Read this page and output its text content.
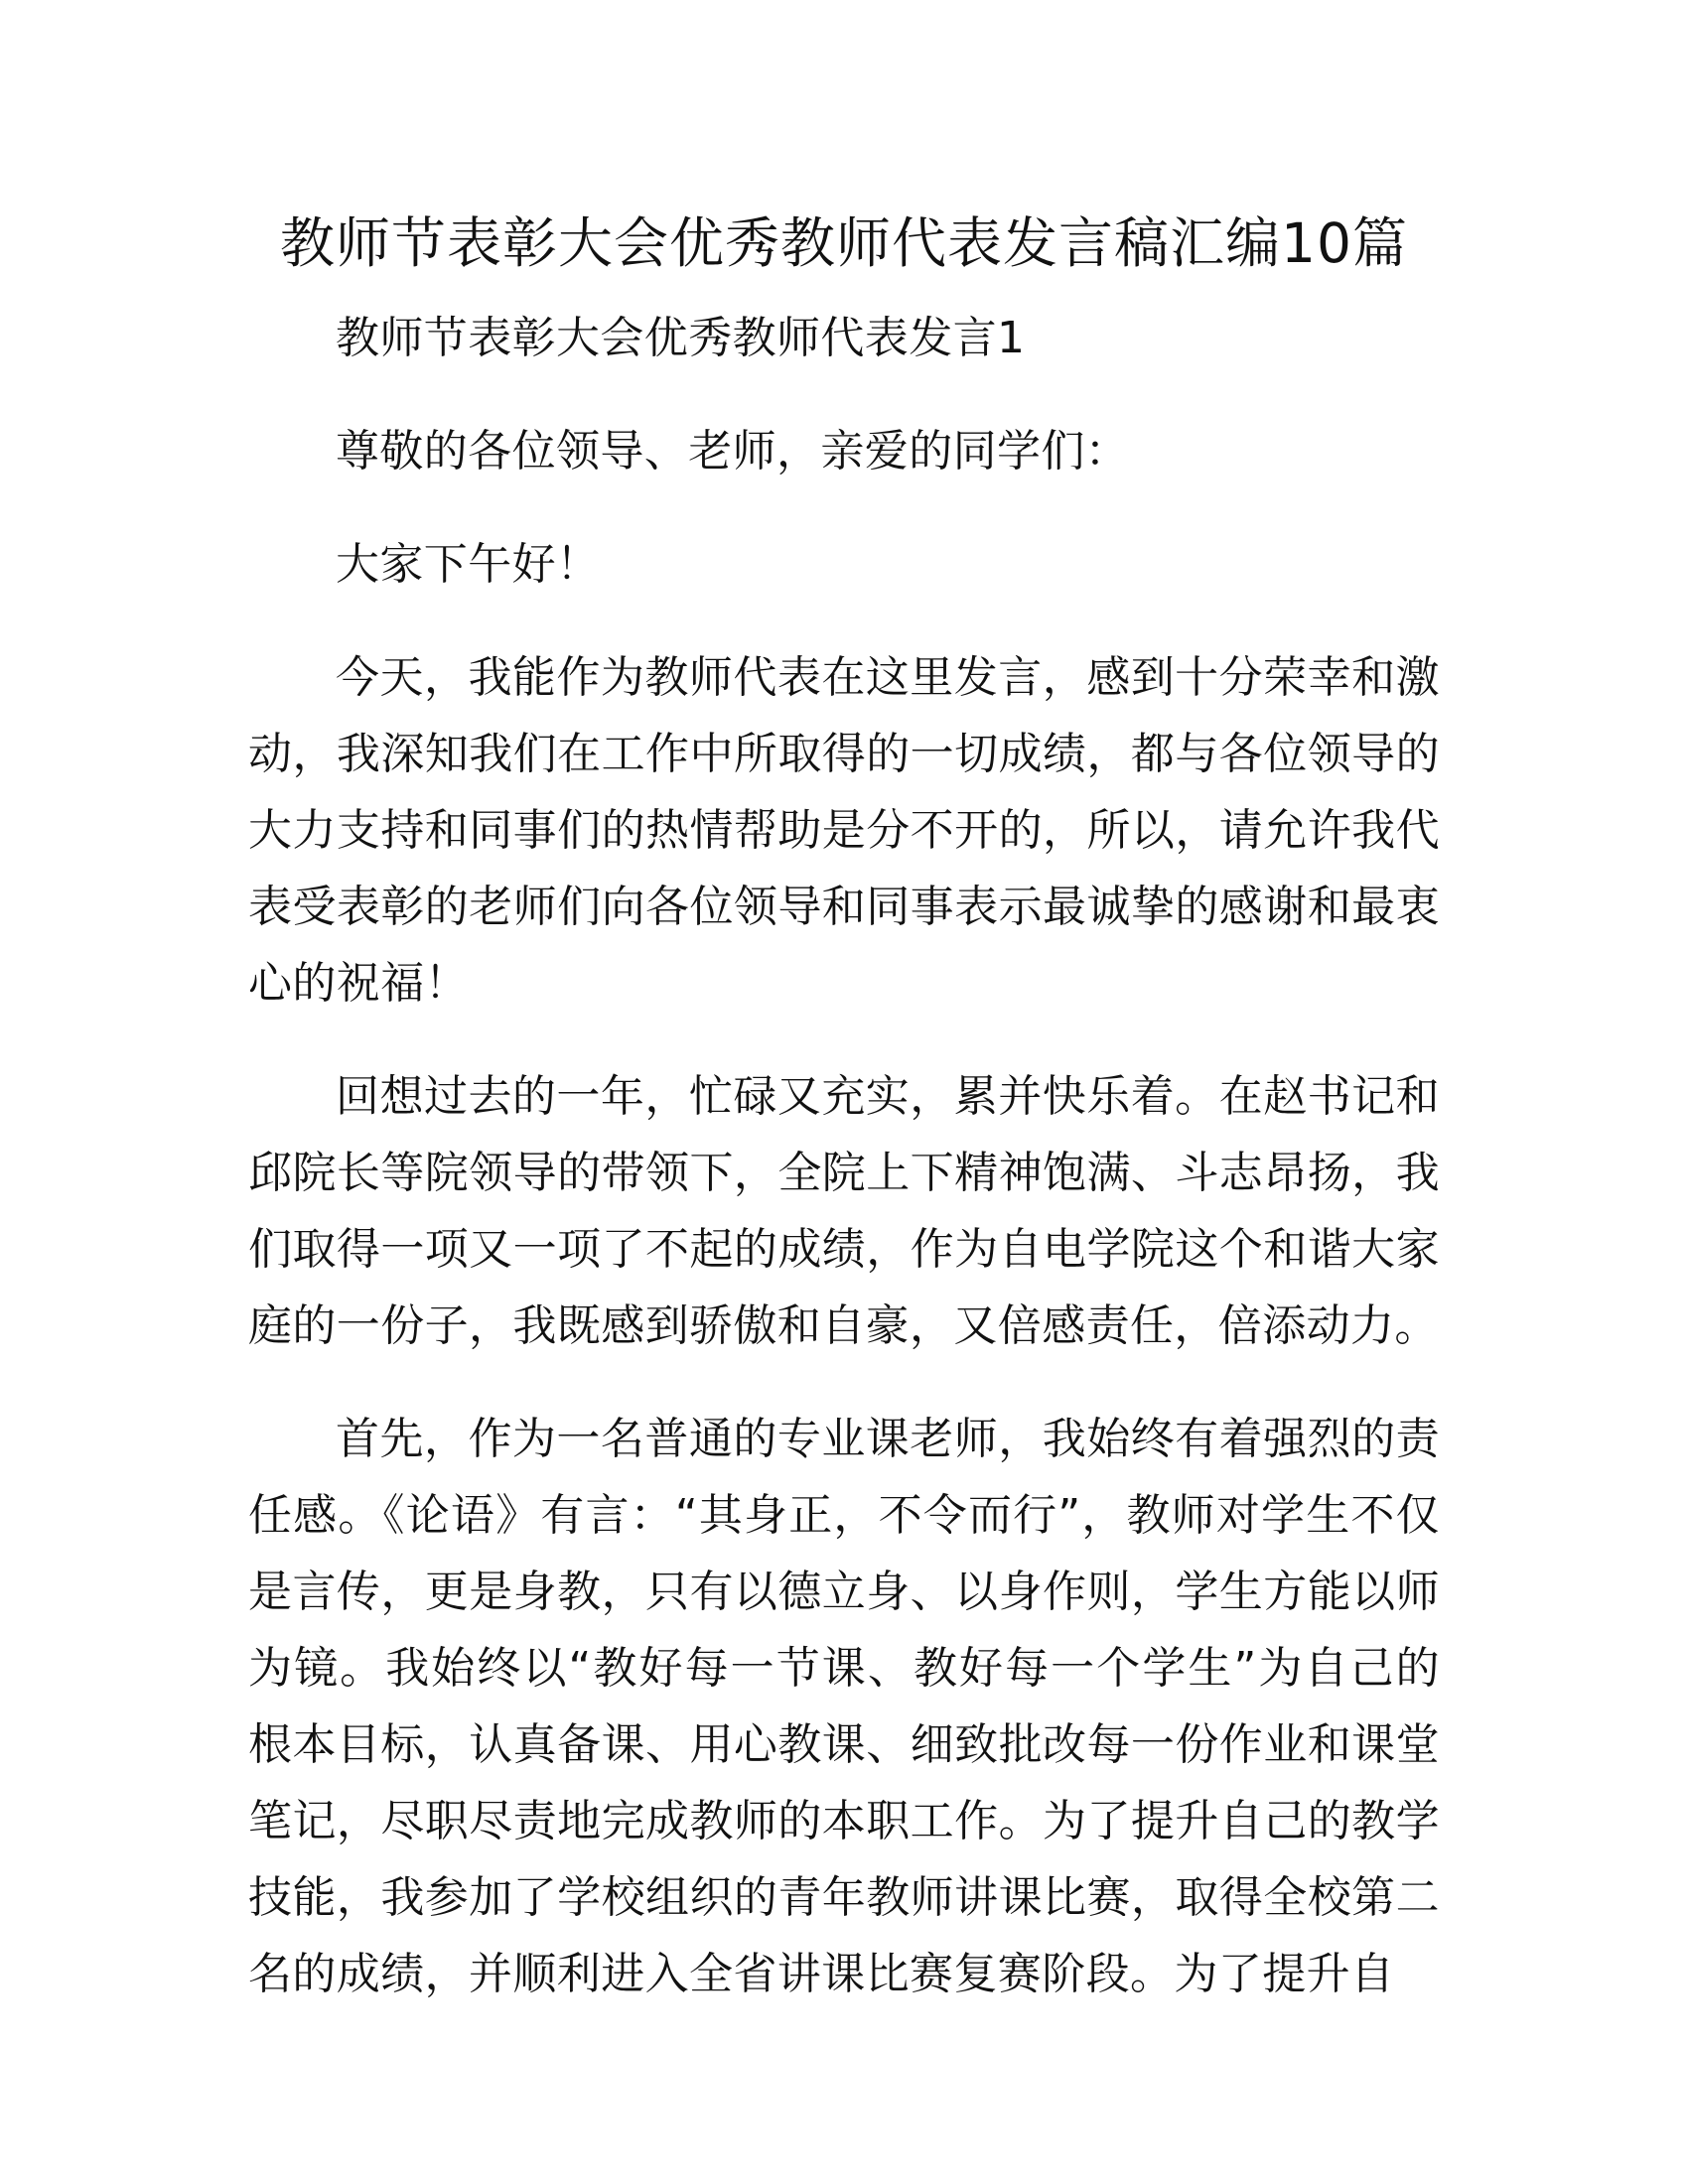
教师节表彰大会优秀教师代表发言稿汇编10篇

教师节表彰大会优秀教师代表发言1

尊敬的各位领导、老师，亲爱的同学们：

大家下午好！

今天，我能作为教师代表在这里发言，感到十分荣幸和激动，我深知我们在工作中所取得的一切成绩，都与各位领导的大力支持和同事们的热情帮助是分不开的，所以，请允许我代表受表彰的老师们向各位领导和同事表示最诚挚的感谢和最衷心的祝福！

回想过去的一年，忙碌又充实，累并快乐着。在赵书记和邱院长等院领导的带领下，全院上下精神饱满、斗志昂扬，我们取得一项又一项了不起的成绩，作为自电学院这个和谐大家庭的一份子，我既感到骄傲和自豪，又倍感责任，倍添动力。

首先，作为一名普通的专业课老师，我始终有着强烈的责任感。《论语》有言：“其身正，不令而行”，教师对学生不仅是言传，更是身教，只有以德立身、以身作则，学生方能以师为镜。我始终以“教好每一节课、教好每一个学生”为自己的根本目标，认真备课、用心教课、细致批改每一份作业和课堂笔记，尽职尽责地完成教师的本职工作。为了提升自己的教学技能，我参加了学校组织的青年教师讲课比赛，取得全校第二名的成绩，并顺利进入全省讲课比赛复赛阶段。为了提升自
